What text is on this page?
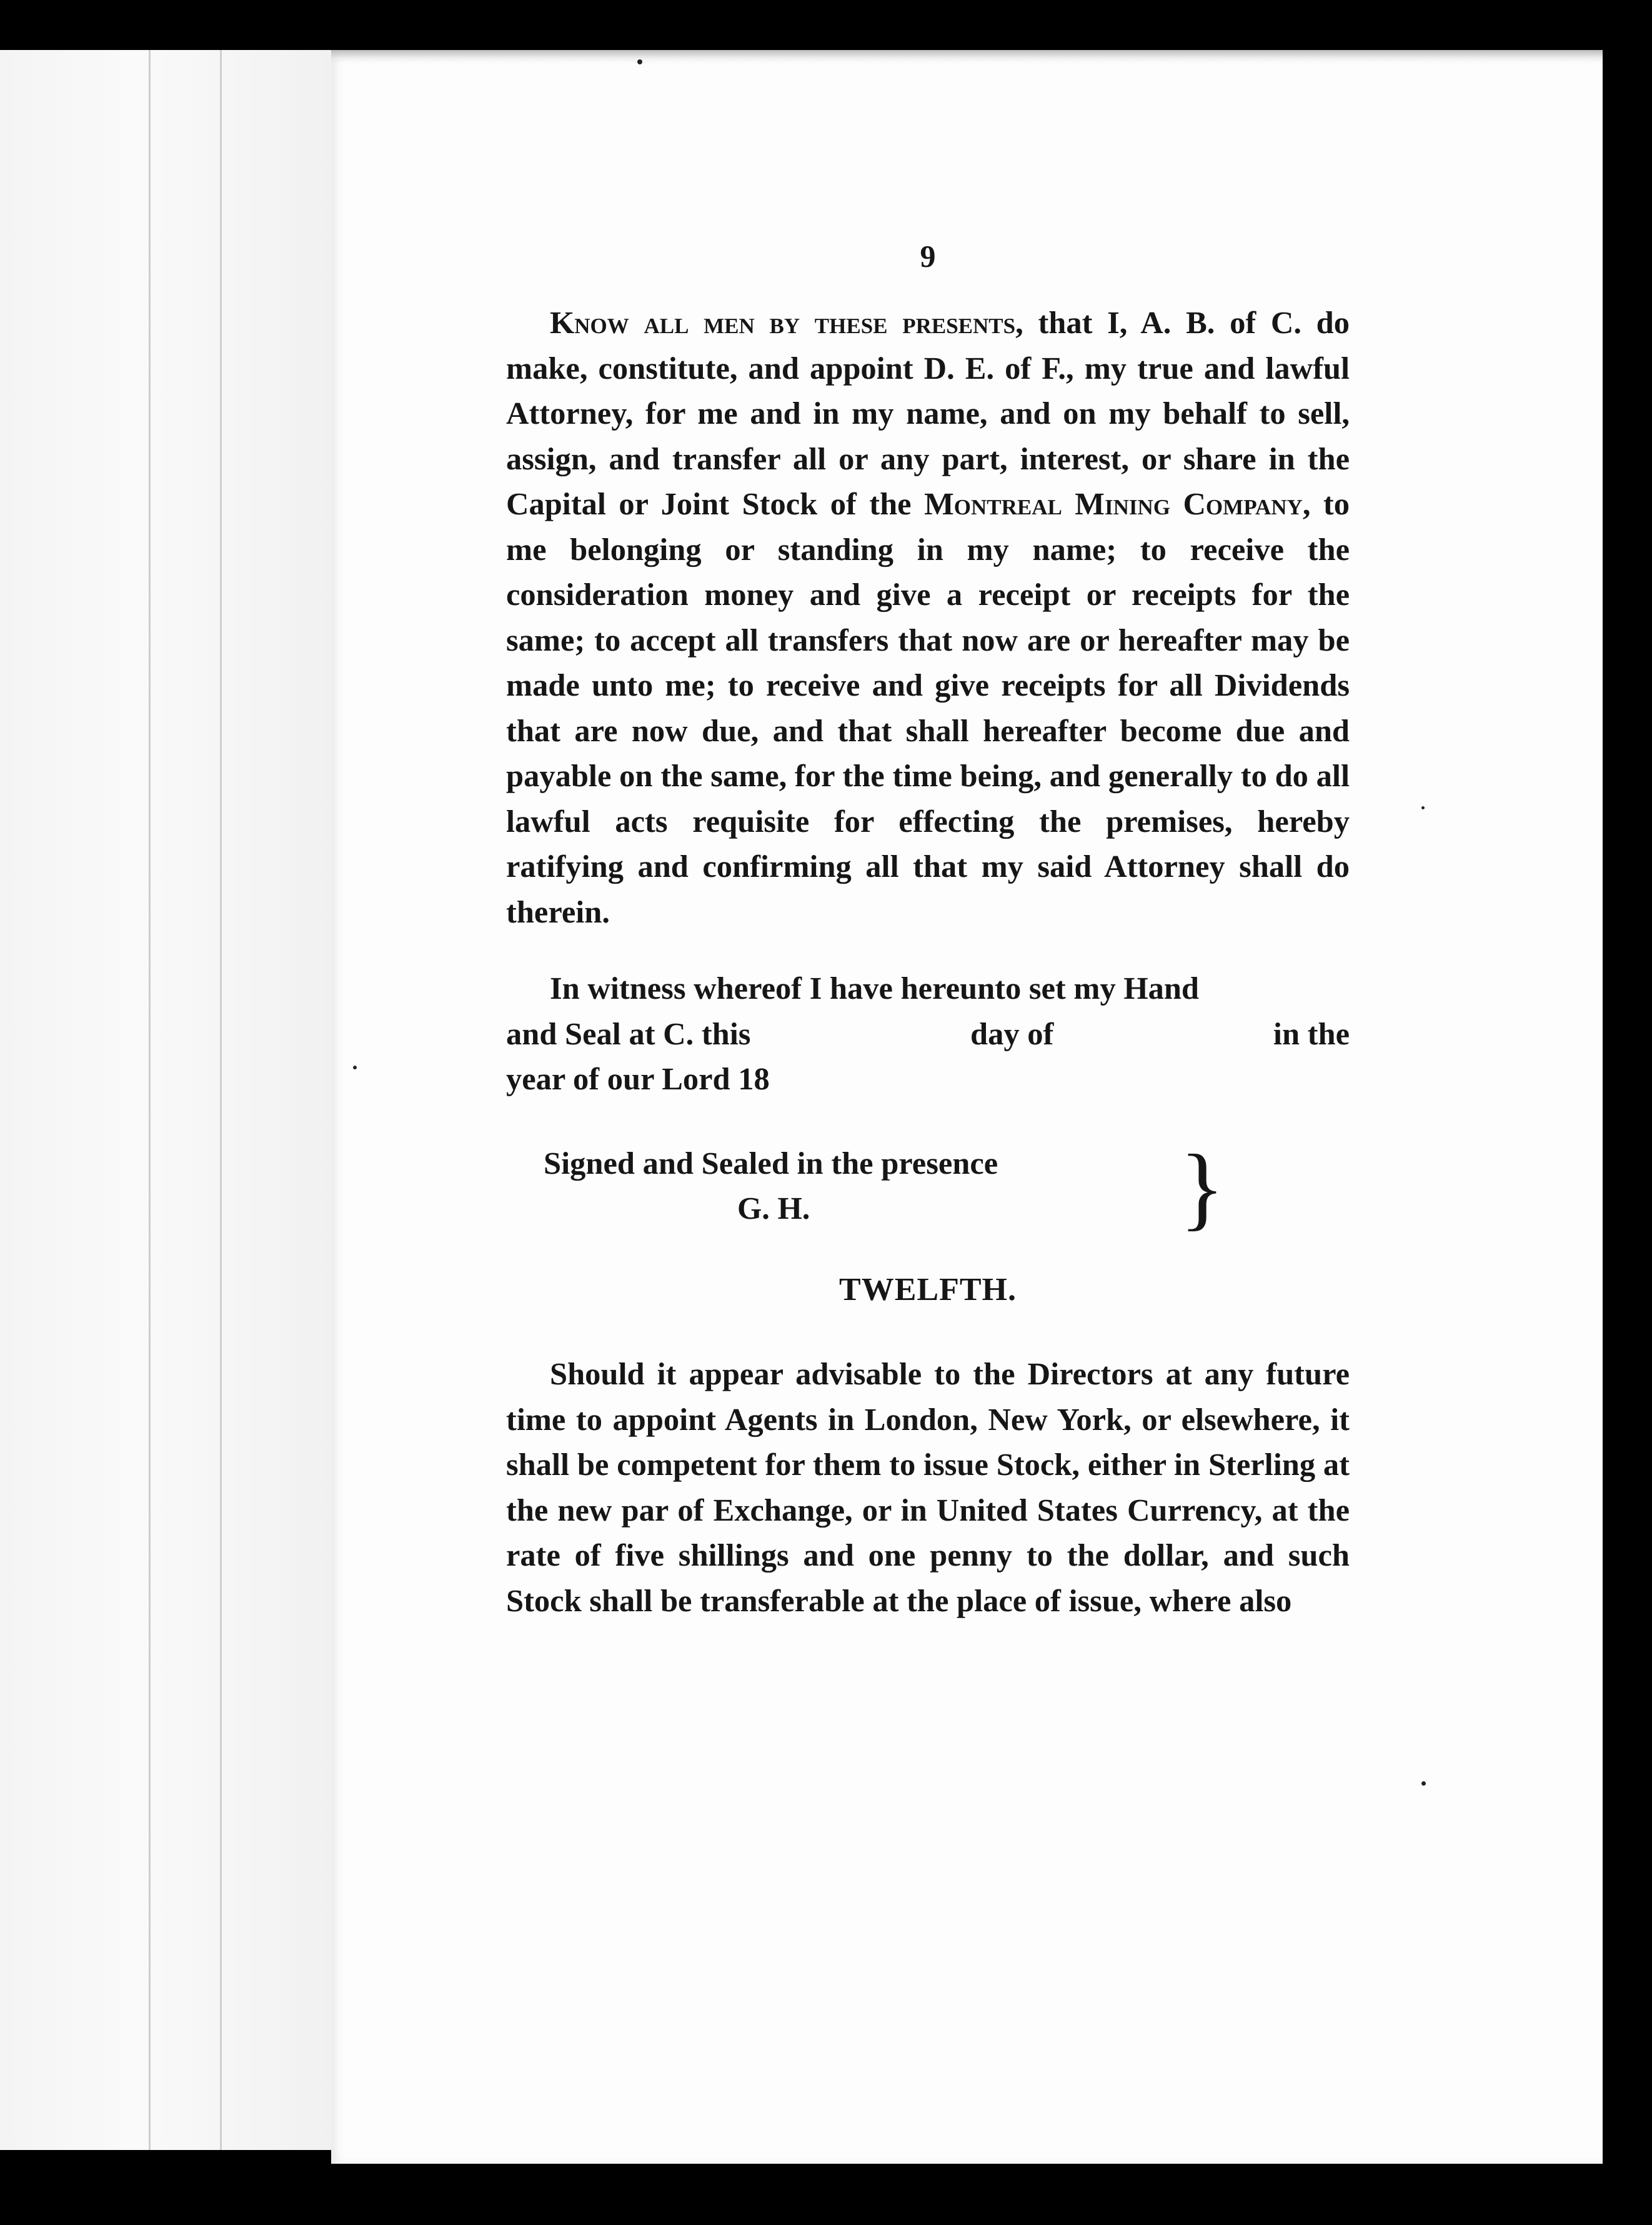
9

Know all men by these presents, that I, A. B. of C. do make, constitute, and appoint D. E. of F., my true and lawful Attorney, for me and in my name, and on my behalf to sell, assign, and transfer all or any part, interest, or share in the Capital or Joint Stock of the Montreal Mining Company, to me belonging or standing in my name; to receive the consideration money and give a receipt or receipts for the same; to accept all transfers that now are or hereafter may be made unto me; to receive and give receipts for all Dividends that are now due, and that shall hereafter become due and payable on the same, for the time being, and generally to do all lawful acts requisite for effecting the premises, hereby ratifying and confirming all that my said Attorney shall do therein.

In witness whereof I have hereunto set my Hand

and Seal at C. this	day of	in the
year of our Lord 18
Signed and Sealed in the presence
G. H.	}
TWELFTH.

Should it appear advisable to the Directors at any future time to appoint Agents in London, New York, or elsewhere, it shall be competent for them to issue Stock, either in Sterling at the new par of Exchange, or in United States Currency, at the rate of five shillings and one penny to the dollar, and such Stock shall be transferable at the place of issue, where also
